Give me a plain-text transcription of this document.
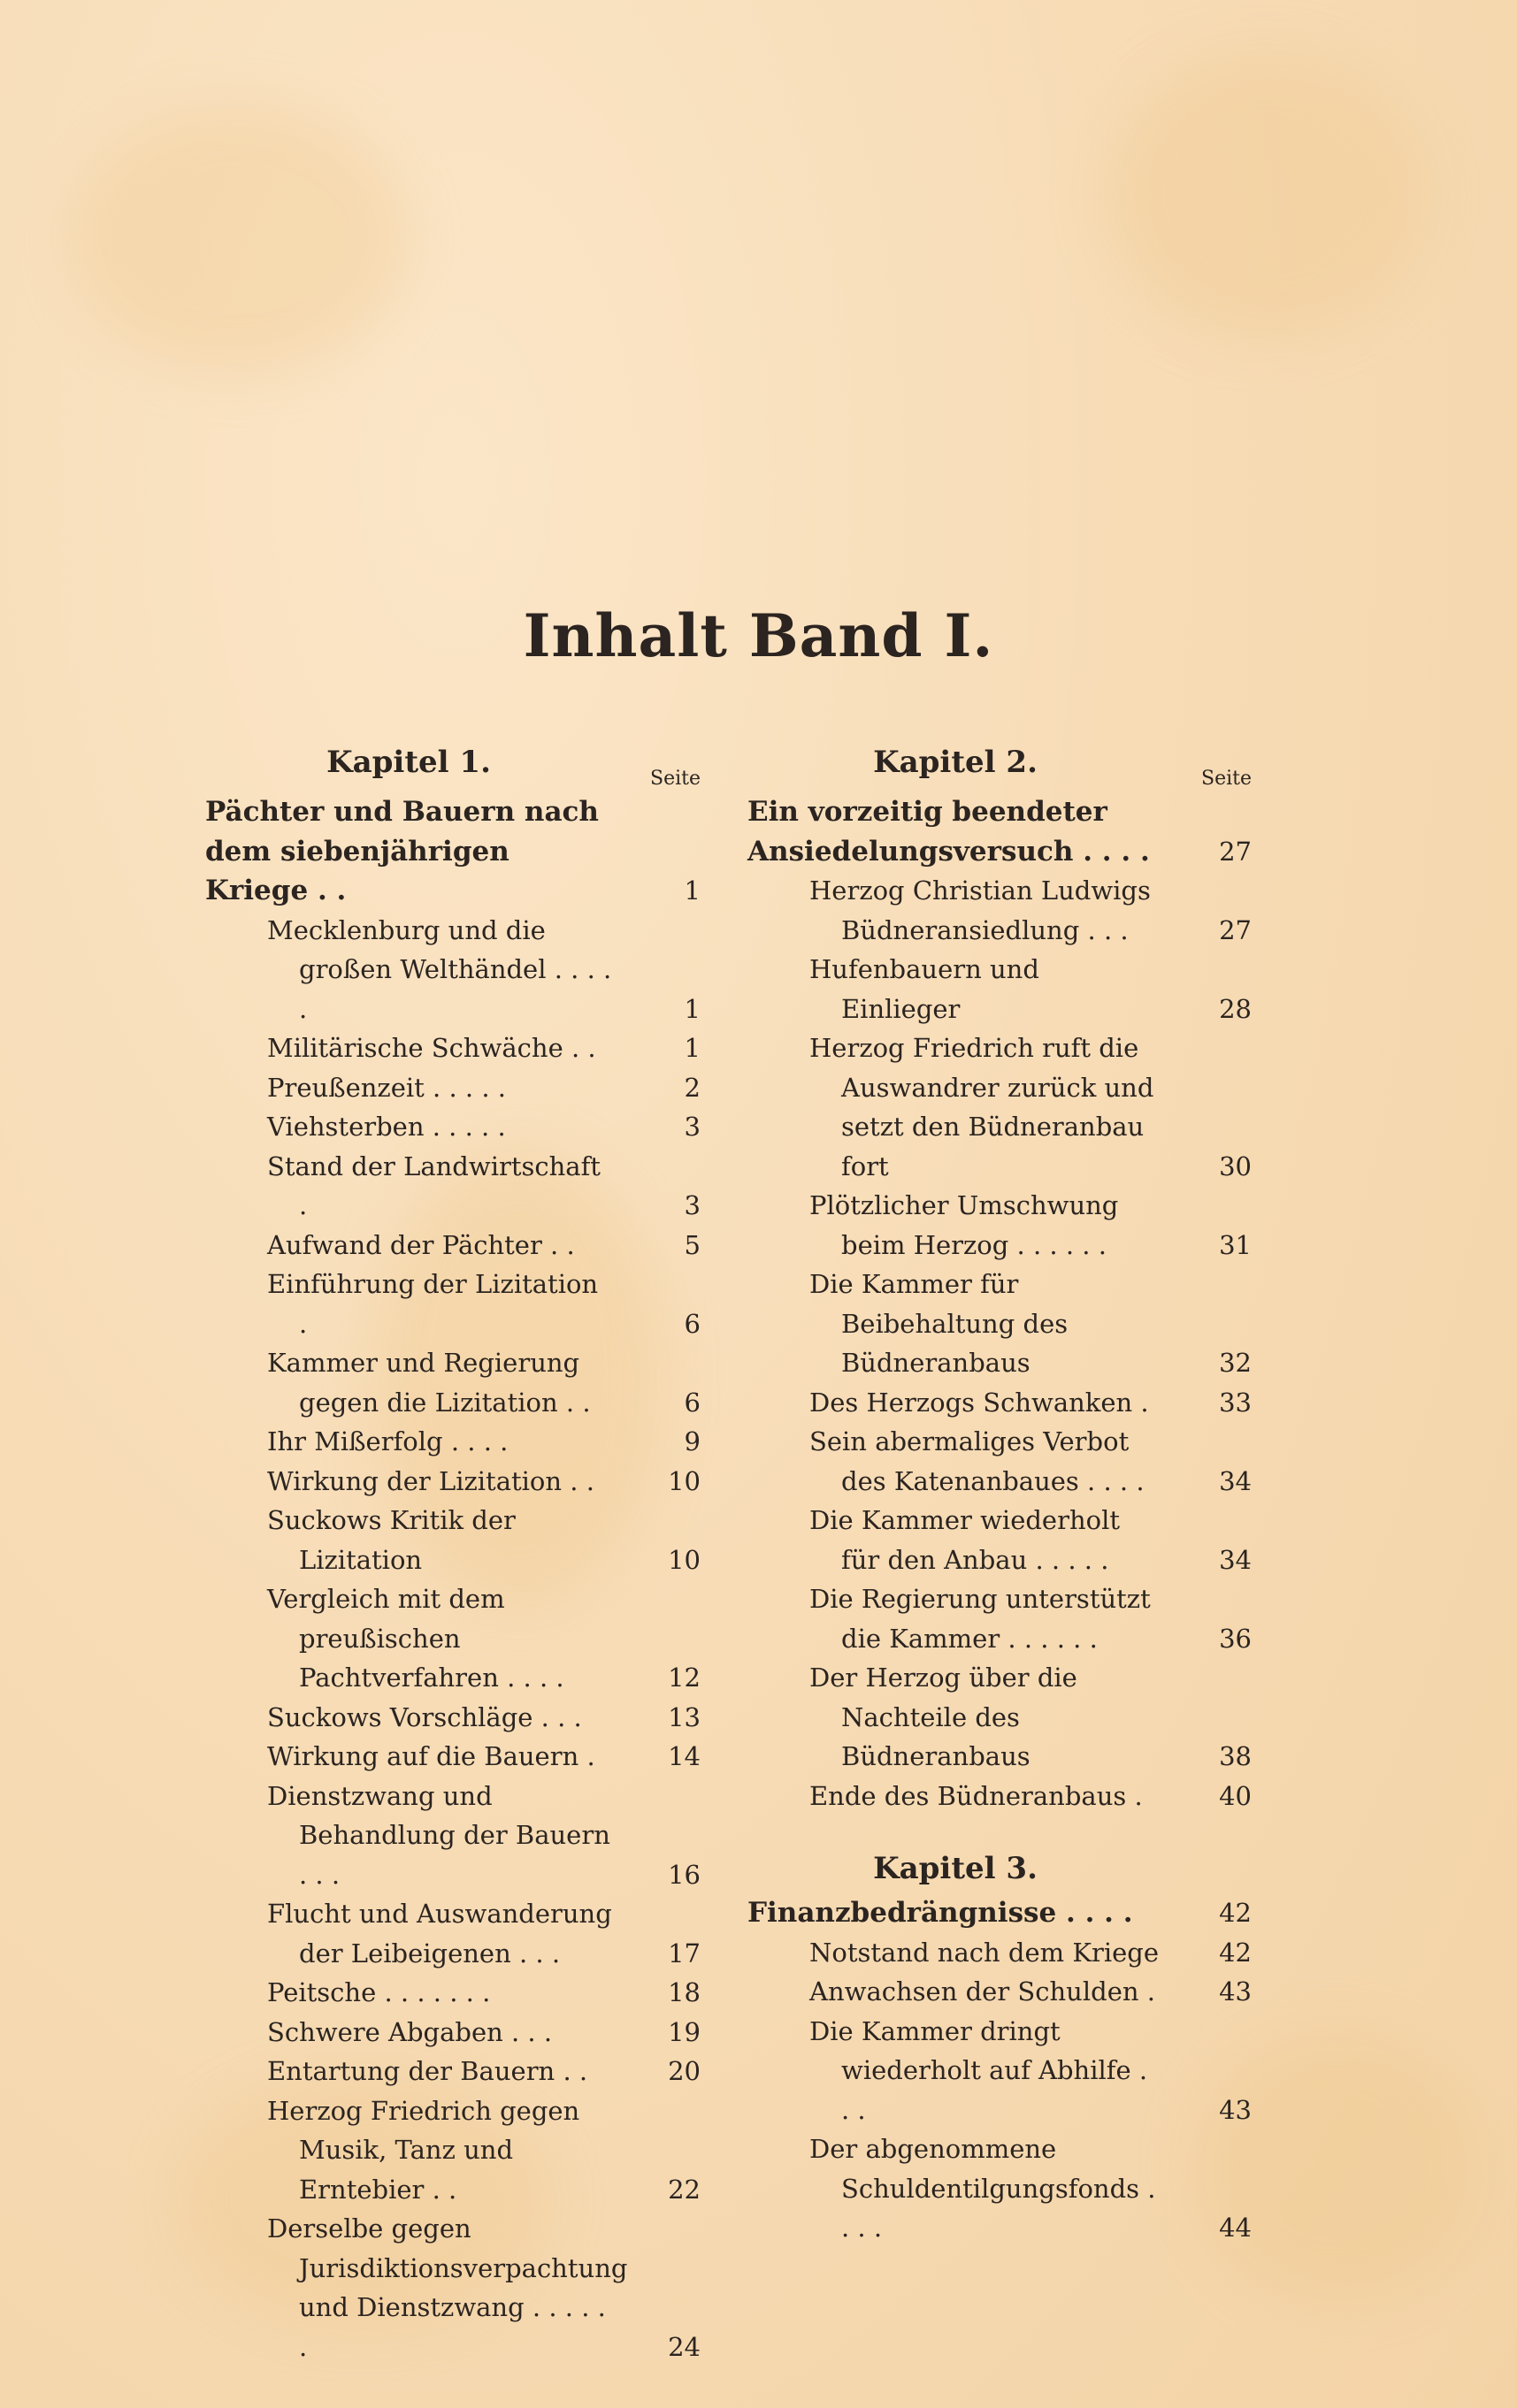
Inhalt Band I.
Kapitel 1.	Seite
Pächter und Bauern nach dem siebenjährigen Kriege . .	1
Mecklenburg und die großen Welthändel . . . . .	1
Militärische Schwäche . .	1
Preußenzeit . . . . .	2
Viehsterben . . . . .	3
Stand der Landwirtschaft .	3
Aufwand der Pächter . .	5
Einführung der Lizitation .	6
Kammer und Regierung gegen die Lizitation . .	6
Ihr Mißerfolg . . . .	9
Wirkung der Lizitation . .	10
Suckows Kritik der Lizitation	10
Vergleich mit dem preußischen Pachtverfahren . . . .	12
Suckows Vorschläge . . .	13
Wirkung auf die Bauern .	14
Dienstzwang und Behandlung der Bauern . . .	16
Flucht und Auswanderung der Leibeigenen . . .	17
Peitsche . . . . . . .	18
Schwere Abgaben . . .	19
Entartung der Bauern . .	20
Herzog Friedrich gegen Musik, Tanz und Erntebier . .	22
Derselbe gegen Jurisdiktionsverpachtung und Dienstzwang . . . . . .	24
Kapitel 2.	Seite
Ein vorzeitig beendeter Ansiedelungsversuch . . . .	27
Herzog Christian Ludwigs Büdneransiedlung . . .	27
Hufenbauern und Einlieger	28
Herzog Friedrich ruft die Auswandrer zurück und setzt den Büdneranbau fort	30
Plötzlicher Umschwung beim Herzog . . . . . .	31
Die Kammer für Beibehaltung des Büdneranbaus	32
Des Herzogs Schwanken .	33
Sein abermaliges Verbot des Katenanbaues . . . .	34
Die Kammer wiederholt für den Anbau . . . . .	34
Die Regierung unterstützt die Kammer . . . . . .	36
Der Herzog über die Nachteile des Büdneranbaus	38
Ende des Büdneranbaus .	40
Kapitel 3.
Finanzbedrängnisse . . . .	42
Notstand nach dem Kriege	42
Anwachsen der Schulden .	43
Die Kammer dringt wiederholt auf Abhilfe . . .	43
Der abgenommene Schuldentilgungsfonds . . . .	44
